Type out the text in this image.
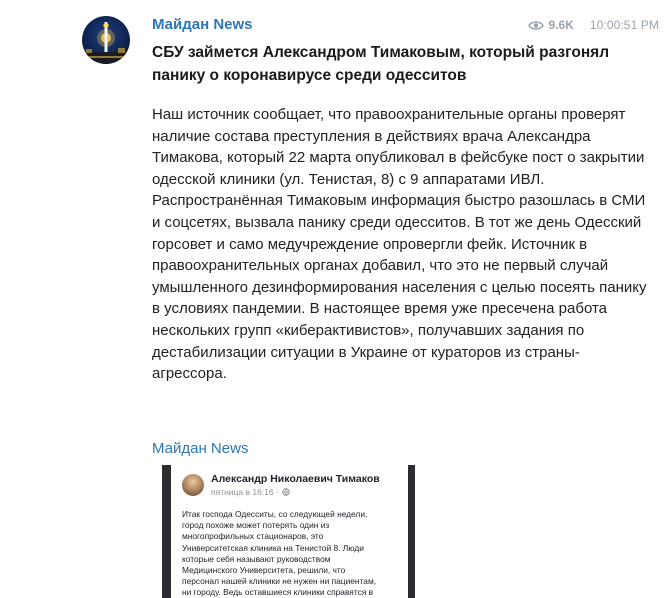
Майдан News	9.6K 10:00:51 PM
СБУ займется Александром Тимаковым, который разгонял панику о коронавирусе среди одесситов

Наш источник сообщает, что правоохранительные органы проверят наличие состава преступления в действиях врача Александра Тимакова, который 22 марта опубликовал в фейсбуке пост о закрытии одесской клиники (ул. Тенистая, 8) с 9 аппаратами ИВЛ.

Распространённая Тимаковым информация быстро разошлась в СМИ и соцсетях, вызвала панику среди одесситов. В тот же день Одесский горсовет и само медучреждение опровергли фейк. Источник в правоохранительных органах добавил, что это не первый случай умышленного дезинформирования населения с целью посеять панику в условиях пандемии. В настоящее время уже пресечена работа нескольких групп «киберактивистов», получавших задания по дестабилизации ситуации в Украине от кураторов из страны-агрессора.

Майдан News
Александр Николаевич Тимаков
пятница в 16:16 ·
Итак господа Одесситы, со следующей недели,
город похоже может потерять один из
многопрофильных стационаров, это
Университетская клиника на Тенистой 8. Люди
которые себя называют руководством
Медицинского Университета, решили, что
персонал нашей клиники не нужен ни пациентам,
ни городу. Ведь оставшиеся клиники справятся в
